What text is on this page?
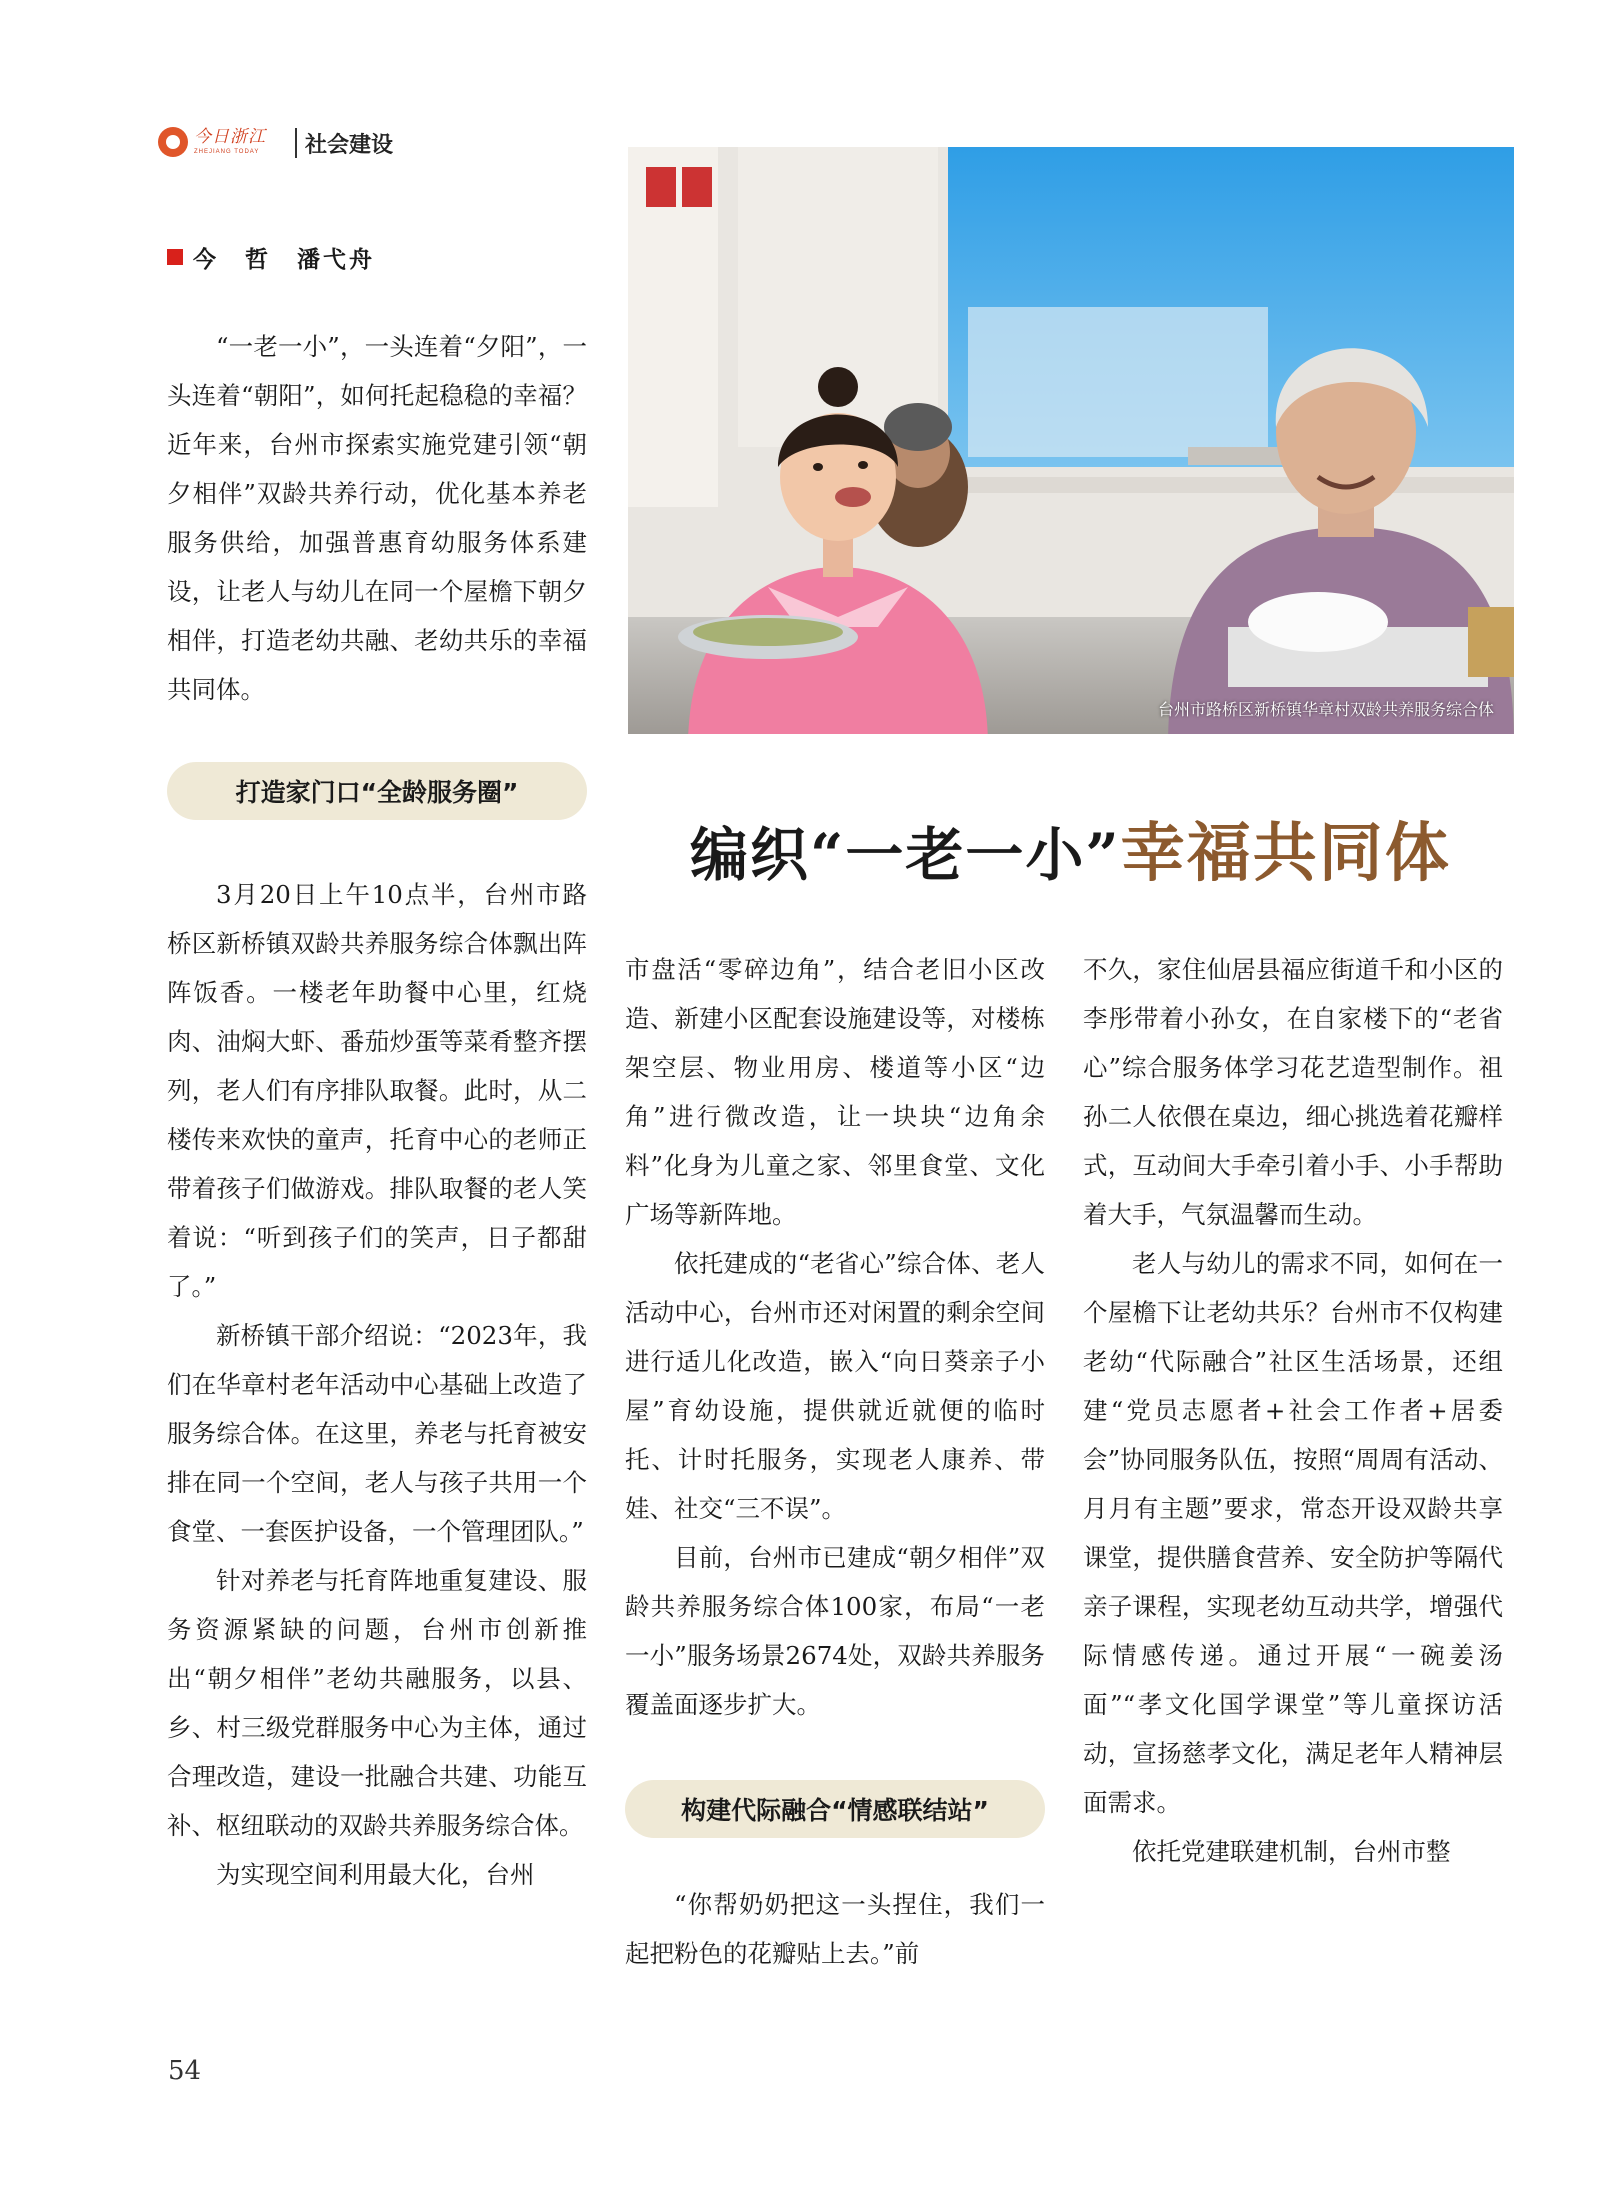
今日浙江
ZHEJIANG TODAY	社会建设
今　哲　潘弋舟
台州市路桥区新桥镇华章村双龄共养服务综合体
编织“一老一小”幸福共同体

“一老一小”，一头连着“夕阳”，一头连着“朝阳”，如何托起稳稳的幸福？近年来，台州市探索实施党建引领“朝夕相伴”双龄共养行动，优化基本养老服务供给，加强普惠育幼服务体系建设，让老人与幼儿在同一个屋檐下朝夕相伴，打造老幼共融、老幼共乐的幸福共同体。

打造家门口“全龄服务圈”

3月20日上午10点半，台州市路桥区新桥镇双龄共养服务综合体飘出阵阵饭香。一楼老年助餐中心里，红烧肉、油焖大虾、番茄炒蛋等菜肴整齐摆列，老人们有序排队取餐。此时，从二楼传来欢快的童声，托育中心的老师正带着孩子们做游戏。排队取餐的老人笑着说：“听到孩子们的笑声，日子都甜了。”

新桥镇干部介绍说：“2023年，我们在华章村老年活动中心基础上改造了服务综合体。在这里，养老与托育被安排在同一个空间，老人与孩子共用一个食堂、一套医护设备，一个管理团队。”

针对养老与托育阵地重复建设、服务资源紧缺的问题，台州市创新推出“朝夕相伴”老幼共融服务，以县、乡、村三级党群服务中心为主体，通过合理改造，建设一批融合共建、功能互补、枢纽联动的双龄共养服务综合体。

为实现空间利用最大化，台州

市盘活“零碎边角”，结合老旧小区改造、新建小区配套设施建设等，对楼栋架空层、物业用房、楼道等小区“边角”进行微改造，让一块块“边角余料”化身为儿童之家、邻里食堂、文化广场等新阵地。

依托建成的“老省心”综合体、老人活动中心，台州市还对闲置的剩余空间进行适儿化改造，嵌入“向日葵亲子小屋”育幼设施，提供就近就便的临时托、计时托服务，实现老人康养、带娃、社交“三不误”。

目前，台州市已建成“朝夕相伴”双龄共养服务综合体100家，布局“一老一小”服务场景2674处，双龄共养服务覆盖面逐步扩大。

构建代际融合“情感联结站”

“你帮奶奶把这一头捏住，我们一起把粉色的花瓣贴上去。”前

不久，家住仙居县福应街道千和小区的李彤带着小孙女，在自家楼下的“老省心”综合服务体学习花艺造型制作。祖孙二人依偎在桌边，细心挑选着花瓣样式，互动间大手牵引着小手、小手帮助着大手，气氛温馨而生动。

老人与幼儿的需求不同，如何在一个屋檐下让老幼共乐？台州市不仅构建老幼“代际融合”社区生活场景，还组建“党员志愿者+社会工作者+居委会”协同服务队伍，按照“周周有活动、月月有主题”要求，常态开设双龄共享课堂，提供膳食营养、安全防护等隔代亲子课程，实现老幼互动共学，增强代际情感传递。通过开展“一碗姜汤面”“孝文化国学课堂”等儿童探访活动，宣扬慈孝文化，满足老年人精神层面需求。

依托党建联建机制，台州市整

54
